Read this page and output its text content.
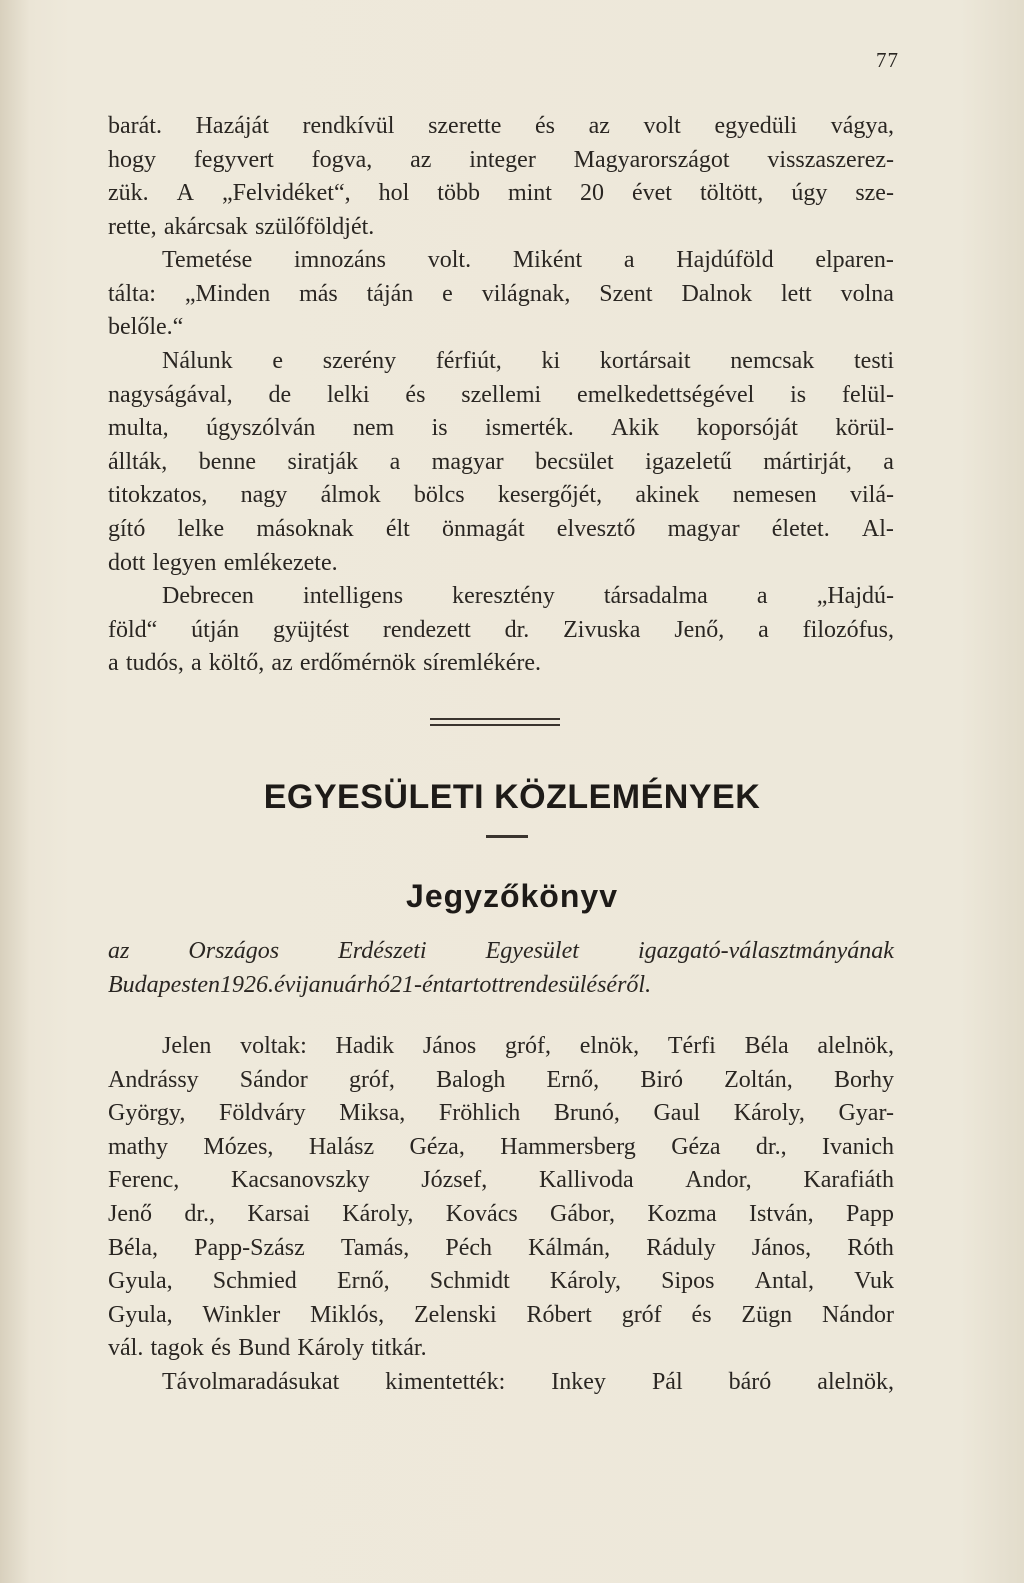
77
barát. Hazáját rendkívül szerette és az volt egyedüli vágya,
hogy fegyvert fogva, az integer Magyarországot visszaszerez-
zük. A „Felvidéket“, hol több mint 20 évet töltött, úgy sze-
rette, akárcsak szülőföldjét.
Temetése imnozáns volt. Miként a Hajdúföld elparen-
tálta: „Minden más táján e világnak, Szent Dalnok lett volna
belőle.“
Nálunk e szerény férfiút, ki kortársait nemcsak testi
nagyságával, de lelki és szellemi emelkedettségével is felül-
multa, úgyszólván nem is ismerték. Akik koporsóját körül-
állták, benne siratják a magyar becsület igazeletű mártirját, a
titokzatos, nagy álmok bölcs kesergőjét, akinek nemesen vilá-
gító lelke másoknak élt önmagát elvesztő magyar életet. Al-
dott legyen emlékezete.
Debrecen intelligens keresztény társadalma a „Hajdú-
föld“ útján gyüjtést rendezett dr. Zivuska Jenő, a filozófus,
a tudós, a költő, az erdőmérnök síremlékére.
EGYESÜLETI KÖZLEMÉNYEK
Jegyzőkönyv
az Országos Erdészeti Egyesület igazgató-választmányának
Budapesten 1926. évi január hó 21-én tartott rendes üléséről.
Jelen voltak: Hadik János gróf, elnök, Térfi Béla alelnök,
Andrássy Sándor gróf, Balogh Ernő, Biró Zoltán, Borhy
György, Földváry Miksa, Fröhlich Brunó, Gaul Károly, Gyar-
mathy Mózes, Halász Géza, Hammersberg Géza dr., Ivanich
Ferenc, Kacsanovszky József, Kallivoda Andor, Karafiáth
Jenő dr., Karsai Károly, Kovács Gábor, Kozma István, Papp
Béla, Papp-Szász Tamás, Péch Kálmán, Ráduly János, Róth
Gyula, Schmied Ernő, Schmidt Károly, Sipos Antal, Vuk
Gyula, Winkler Miklós, Zelenski Róbert gróf és Zügn Nándor
vál. tagok és Bund Károly titkár.
Távolmaradásukat kimentették: Inkey Pál báró alelnök,
